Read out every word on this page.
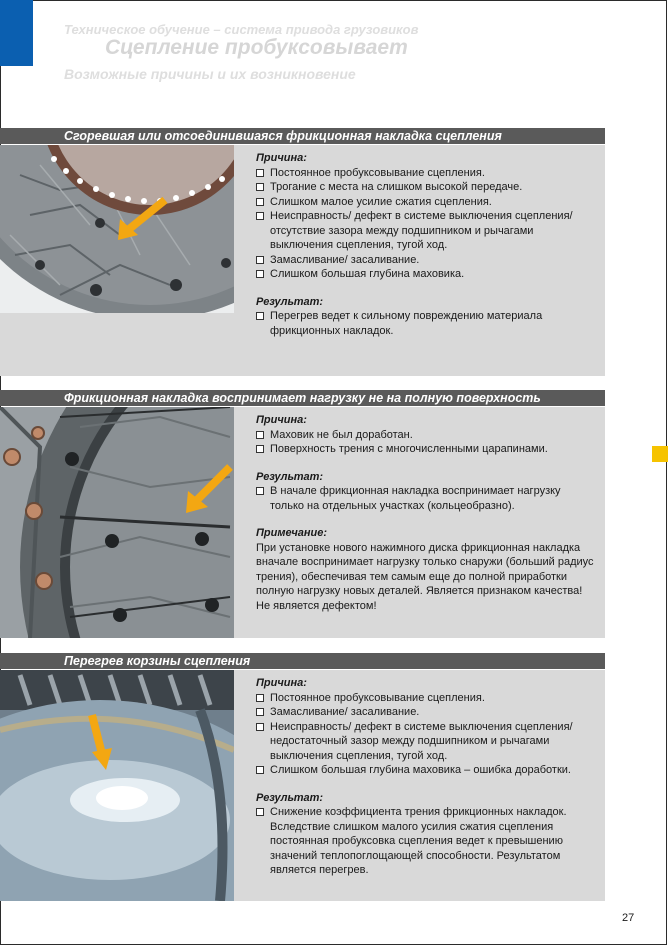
Техническое обучение – система привода грузовиков
Сцепление пробуксовывает
Возможные причины и их возникновение
Сгоревшая или отсоединившаяся фрикционная накладка сцепления
Причина:
Постоянное пробуксовывание сцепления.
Трогание с места на слишком высокой передаче.
Слишком малое усилие сжатия сцепления.
Неисправность/ дефект в системе выключения сцепления/ отсутствие зазора между подшипником и рычагами выключения сцепления, тугой ход.
Замасливание/ засаливание.
Слишком большая глубина маховика.
Результат:
Перегрев ведет к сильному повреждению материала фрикционных накладок.
Фрикционная накладка воспринимает нагрузку не на полную поверхность
Причина:
Маховик не был доработан.
Поверхность трения с многочисленными царапинами.
Результат:
В начале фрикционная накладка воспринимает нагрузку только на отдельных участках (кольцеобразно).
Примечание:

При установке нового нажимного диска фрикционная накладка вначале воспринимает нагрузку только снаружи (больший радиус трения), обеспечивая тем самым еще до полной приработки полную нагрузку новых деталей. Является признаком качества! Не является дефектом!

Перегрев корзины сцепления
Причина:
Постоянное пробуксовывание сцепления.
Замасливание/ засаливание.
Неисправность/ дефект в системе выключения сцепления/ недостаточный зазор между подшипником и рычагами выключения сцепления, тугой ход.
Слишком большая глубина маховика – ошибка доработки.
Результат:
Снижение коэффициента трения фрикционных накладок. Вследствие слишком малого усилия сжатия сцепления постоянная пробуксовка сцепления ведет к превышению значений теплопоглощающей способности. Результатом является перегрев.
27
